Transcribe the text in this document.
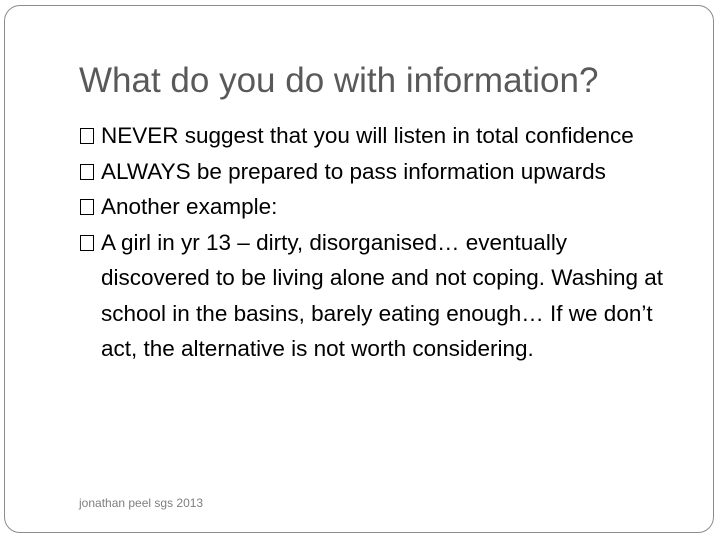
What do you do with information?
NEVER suggest that you will listen in total confidence
ALWAYS be prepared to pass information upwards
Another example:
A girl in yr 13 – dirty, disorganised… eventually discovered to be living alone and not coping. Washing at school in the basins, barely eating enough… If we don’t act, the alternative is not worth considering.
jonathan peel sgs 2013
